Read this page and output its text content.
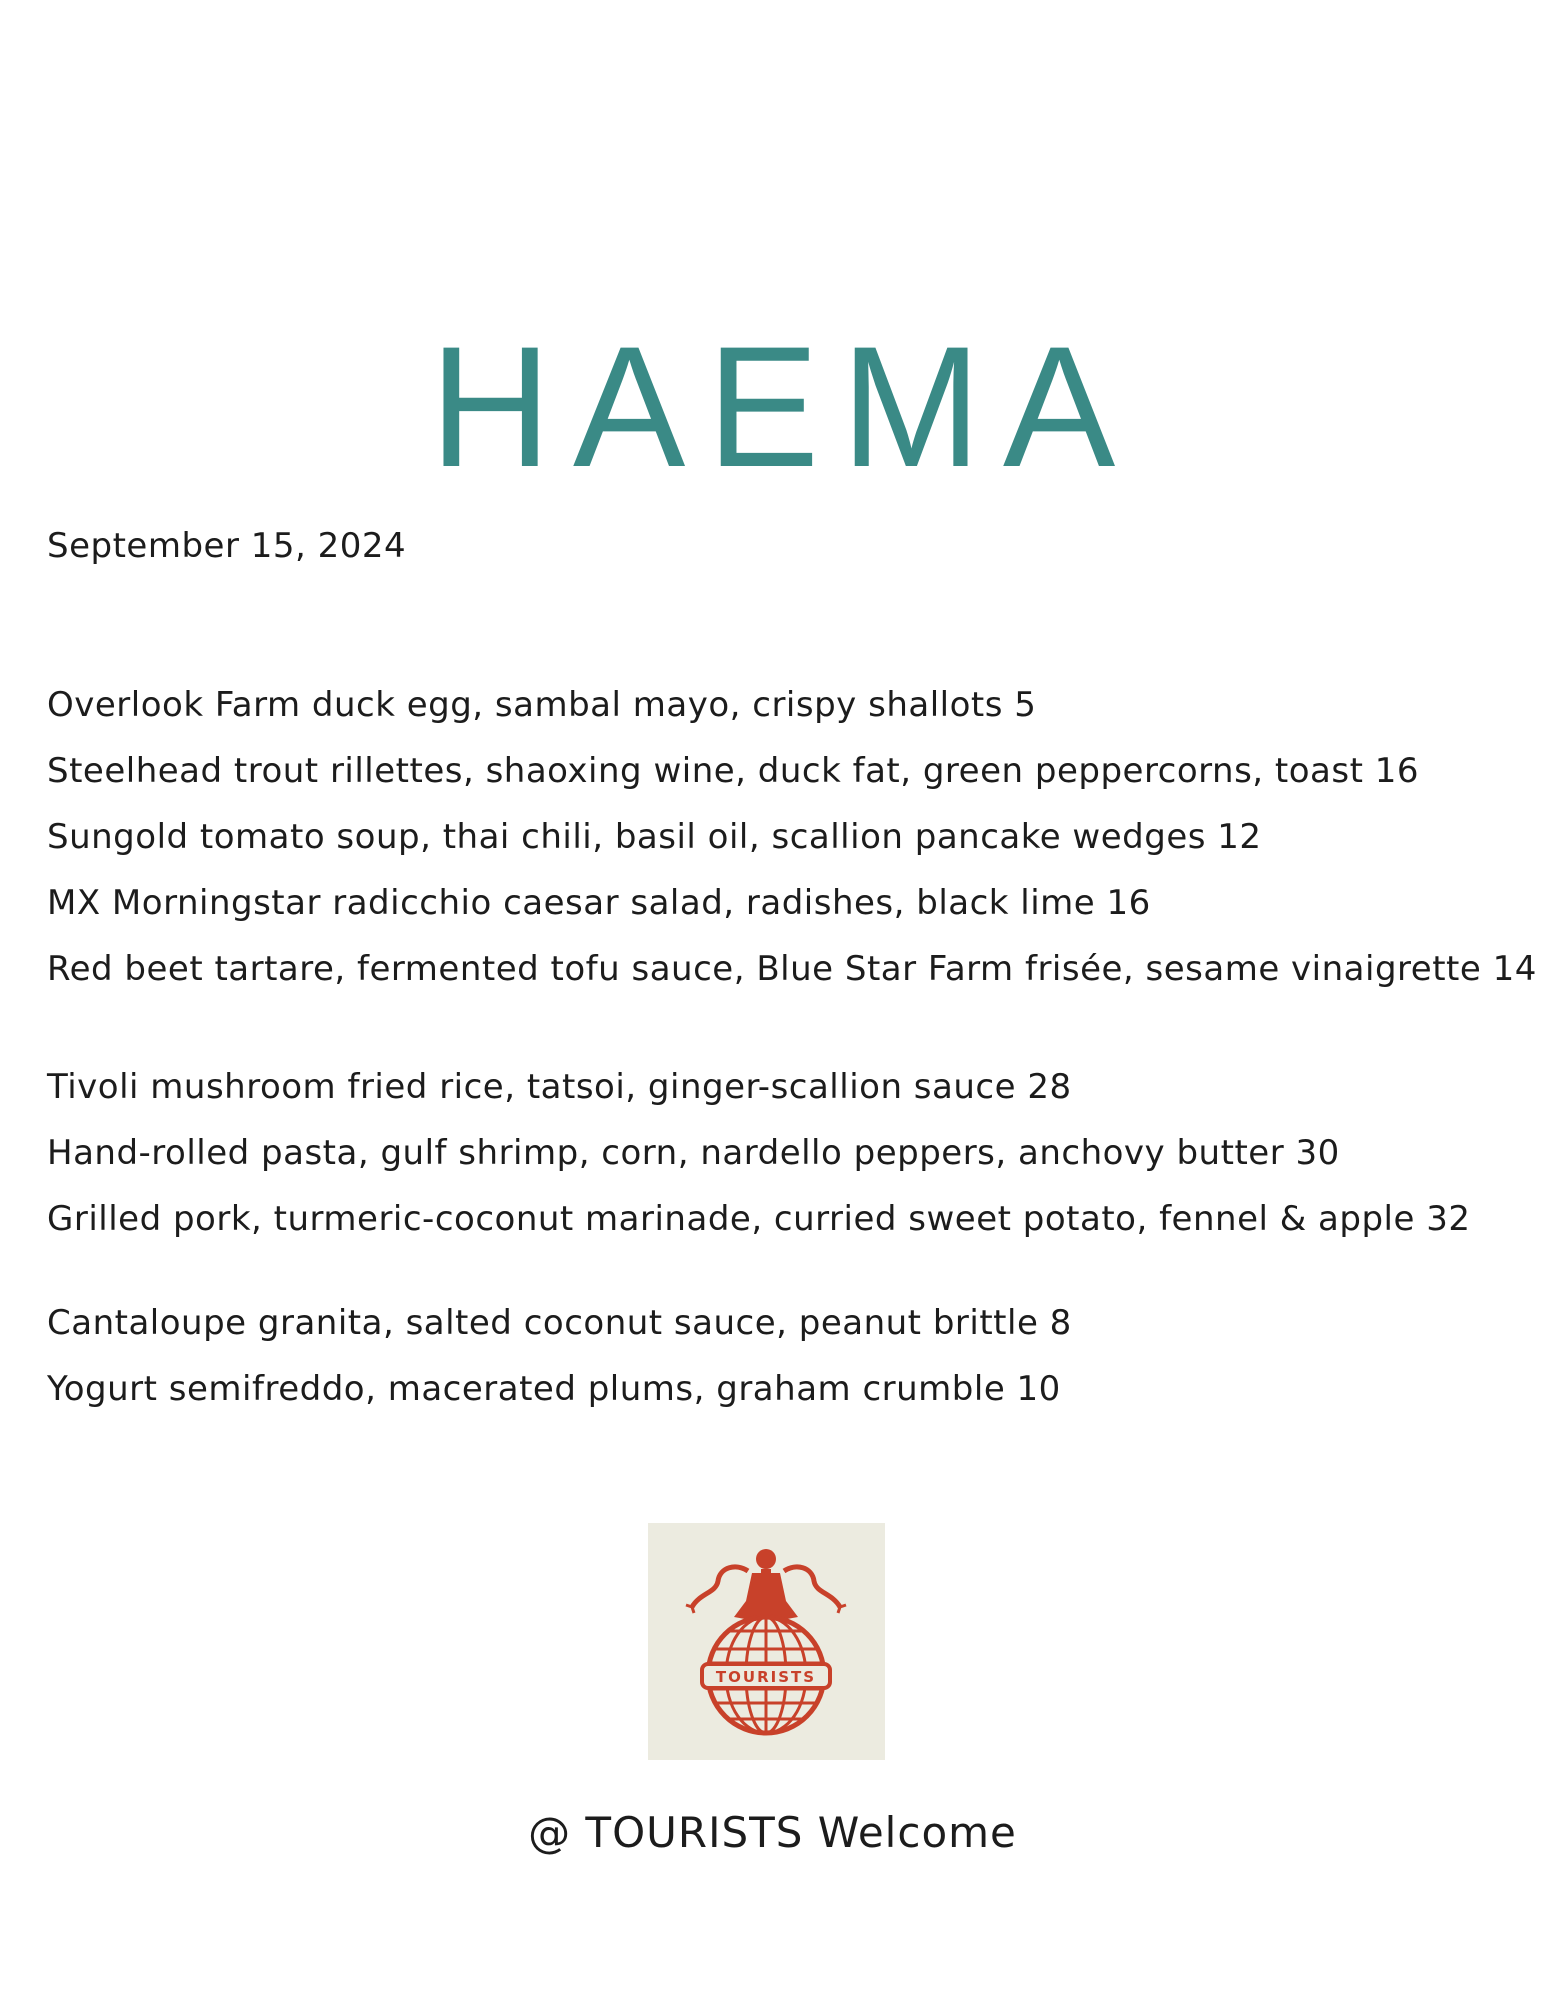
HAEMA
September 15, 2024
Overlook Farm duck egg, sambal mayo, crispy shallots 5
Steelhead trout rillettes, shaoxing wine, duck fat, green peppercorns, toast 16
Sungold tomato soup, thai chili, basil oil, scallion pancake wedges 12
MX Morningstar radicchio caesar salad, radishes, black lime 16
Red beet tartare, fermented tofu sauce, Blue Star Farm frisée, sesame vinaigrette 14
Tivoli mushroom fried rice, tatsoi, ginger-scallion sauce 28
Hand-rolled pasta, gulf shrimp, corn, nardello peppers, anchovy butter 30
Grilled pork, turmeric-coconut marinade, curried sweet potato, fennel & apple 32
Cantaloupe granita, salted coconut sauce, peanut brittle 8
Yogurt semifreddo, macerated plums, graham crumble 10
TOURISTS
@ TOURISTS Welcome
